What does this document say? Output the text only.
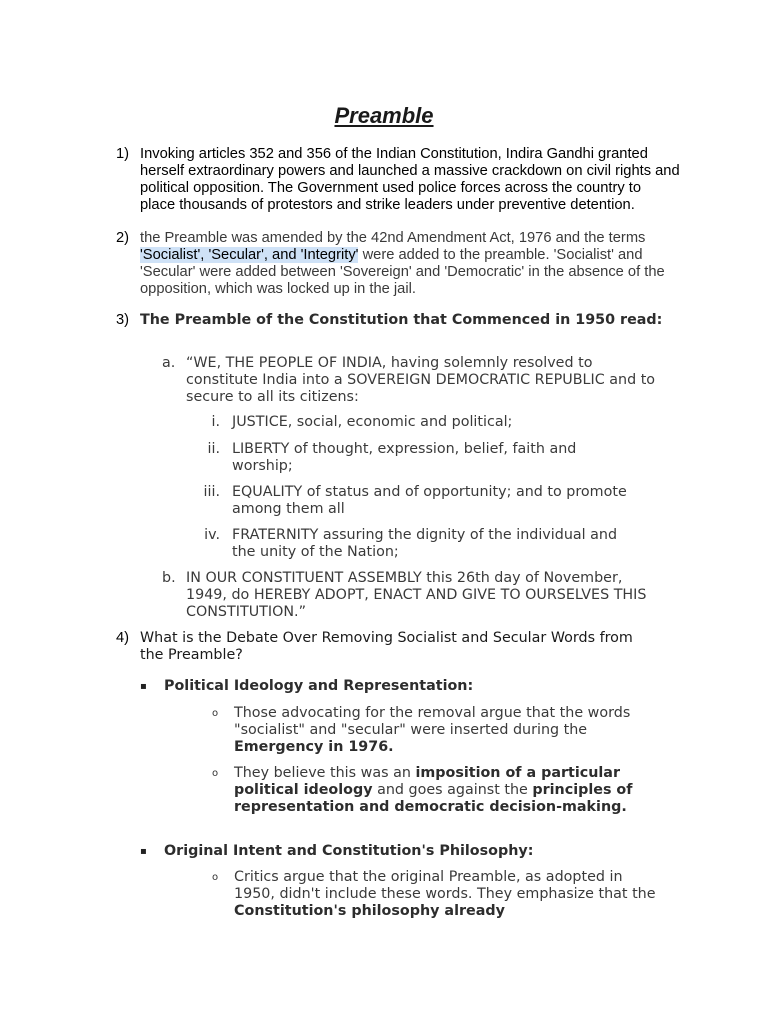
Preamble
1) Invoking articles 352 and 356 of the Indian Constitution, Indira Gandhi granted herself extraordinary powers and launched a massive crackdown on civil rights and political opposition. The Government used police forces across the country to place thousands of protestors and strike leaders under preventive detention.
2) the Preamble was amended by the 42nd Amendment Act, 1976 and the terms 'Socialist', 'Secular', and 'Integrity' were added to the preamble. 'Socialist' and 'Secular' were added between 'Sovereign' and 'Democratic' in the absence of the opposition, which was locked up in the jail.
3) The Preamble of the Constitution that Commenced in 1950 read:
a. “WE, THE PEOPLE OF INDIA, having solemnly resolved to constitute India into a SOVEREIGN DEMOCRATIC REPUBLIC and to secure to all its citizens:
i. JUSTICE, social, economic and political;
ii. LIBERTY of thought, expression, belief, faith and worship;
iii. EQUALITY of status and of opportunity; and to promote among them all
iv. FRATERNITY assuring the dignity of the individual and the unity of the Nation;
b. IN OUR CONSTITUENT ASSEMBLY this 26th day of November, 1949, do HEREBY ADOPT, ENACT AND GIVE TO OURSELVES THIS CONSTITUTION.”
4) What is the Debate Over Removing Socialist and Secular Words from the Preamble?
▪ Political Ideology and Representation:
o Those advocating for the removal argue that the words "socialist" and "secular" were inserted during the Emergency in 1976.
o They believe this was an imposition of a particular political ideology and goes against the principles of representation and democratic decision-making.
▪ Original Intent and Constitution's Philosophy:
o Critics argue that the original Preamble, as adopted in 1950, didn't include these words. They emphasize that the Constitution's philosophy already
